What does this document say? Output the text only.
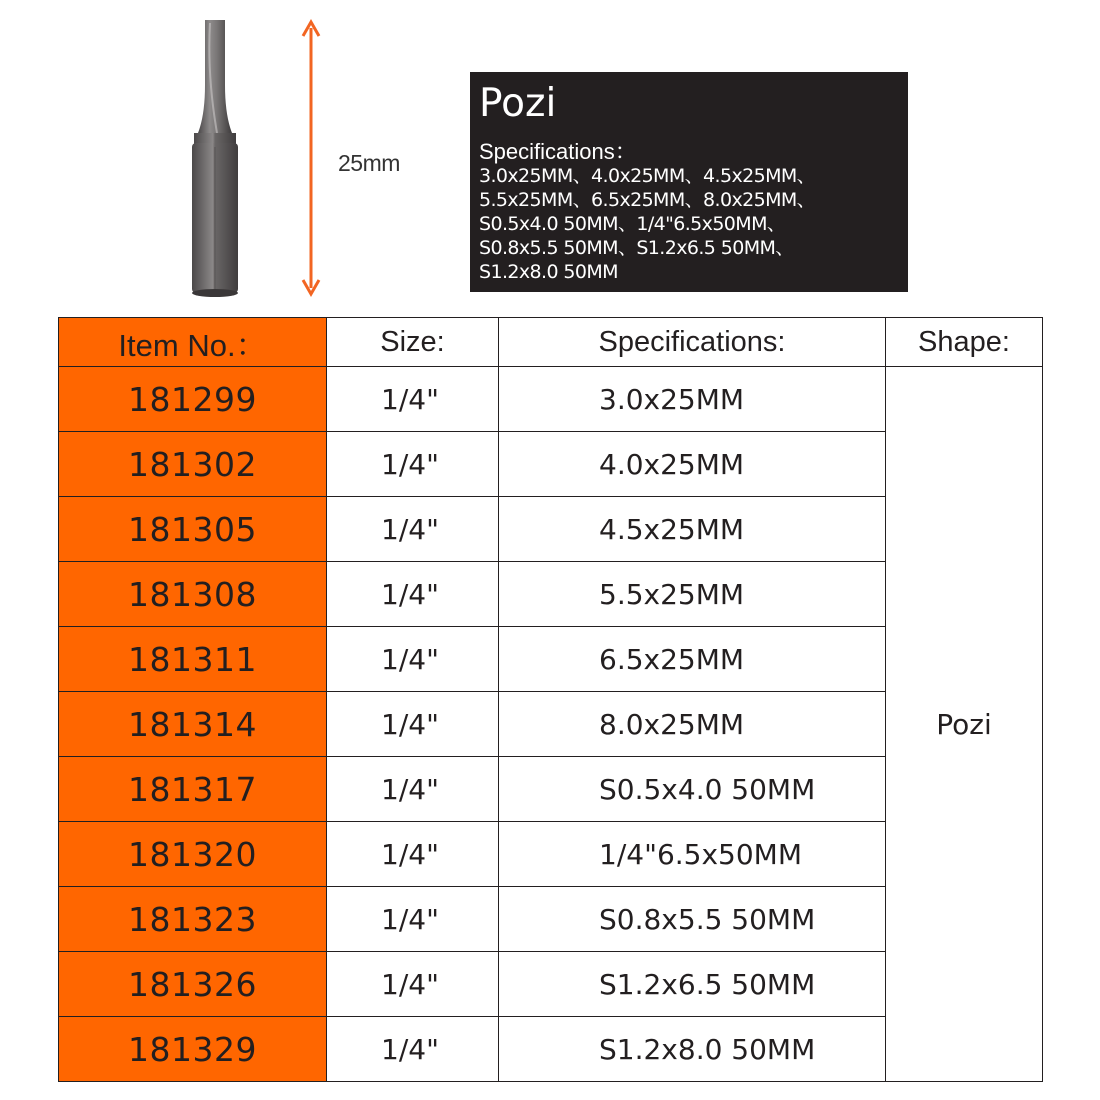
25mm
Pozi
Specifications：
3.0x25MM、4.0x25MM、4.5x25MM、
5.5x25MM、6.5x25MM、8.0x25MM、
S0.5x4.0 50MM、1/4"6.5x50MM、
S0.8x5.5 50MM、S1.2x6.5 50MM、
S1.2x8.0 50MM
Item No.：	Size:	Specifications:	Shape:
181299	1/4"	3.0x25MM	Pozi
181302	1/4"	4.0x25MM	
181305	1/4"	4.5x25MM	
181308	1/4"	5.5x25MM	
181311	1/4"	6.5x25MM	
181314	1/4"	8.0x25MM	
181317	1/4"	S0.5x4.0 50MM	
181320	1/4"	1/4"6.5x50MM	
181323	1/4"	S0.8x5.5 50MM	
181326	1/4"	S1.2x6.5 50MM	
181329	1/4"	S1.2x8.0 50MM	
